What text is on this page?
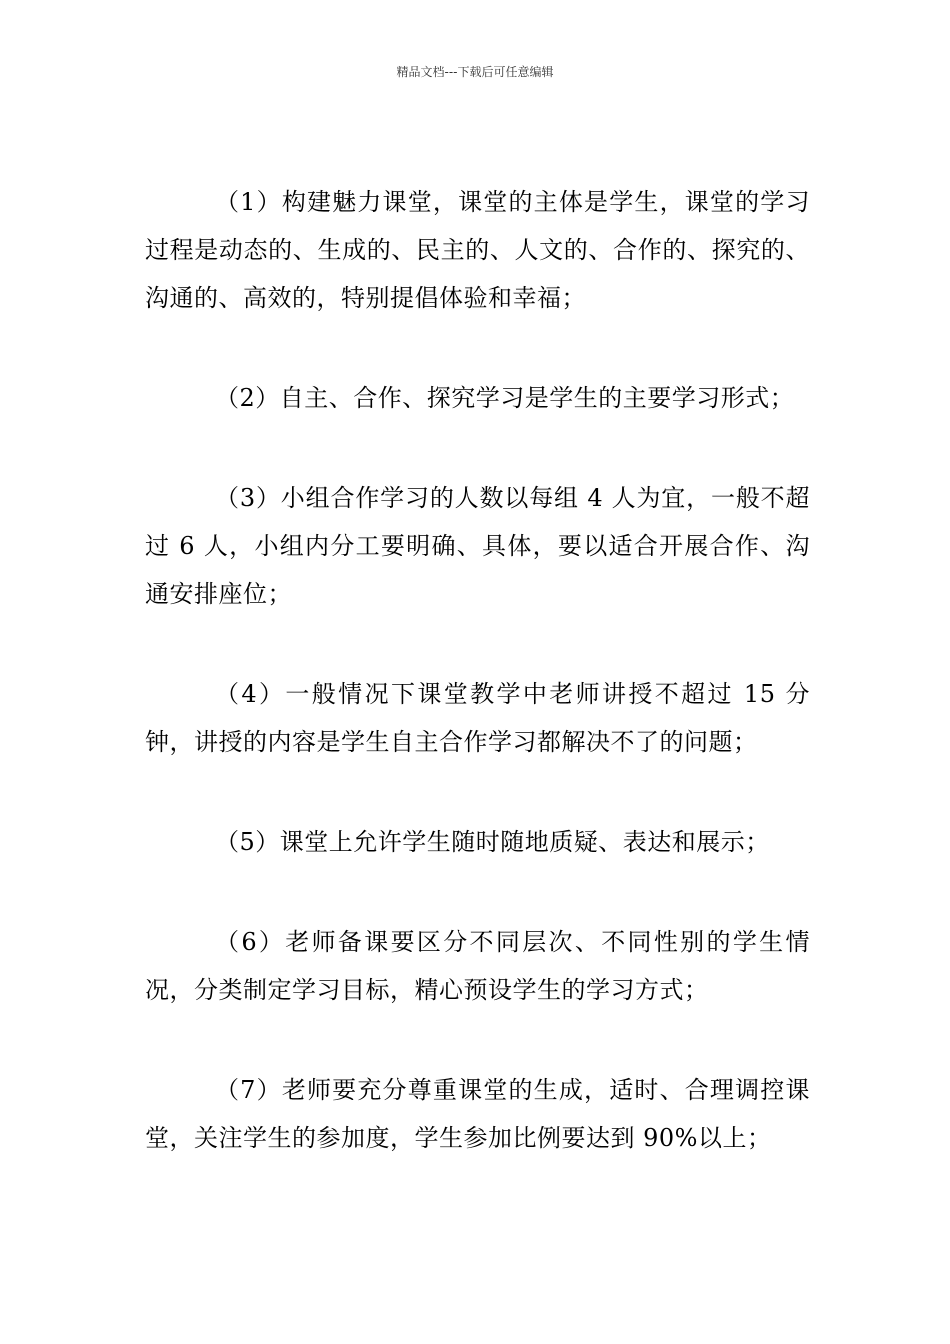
精品文档---下载后可任意编辑

（1）构建魅力课堂，课堂的主体是学生，课堂的学习过程是动态的、生成的、民主的、人文的、合作的、探究的、沟通的、高效的，特别提倡体验和幸福；

（2）自主、合作、探究学习是学生的主要学习形式；

（3）小组合作学习的人数以每组 4 人为宜，一般不超过 6 人，小组内分工要明确、具体，要以适合开展合作、沟通安排座位；

（4）一般情况下课堂教学中老师讲授不超过 15 分钟，讲授的内容是学生自主合作学习都解决不了的问题；

（5）课堂上允许学生随时随地质疑、表达和展示；

（6）老师备课要区分不同层次、不同性别的学生情况，分类制定学习目标，精心预设学生的学习方式；

（7）老师要充分尊重课堂的生成，适时、合理调控课堂，关注学生的参加度，学生参加比例要达到 90%以上；
